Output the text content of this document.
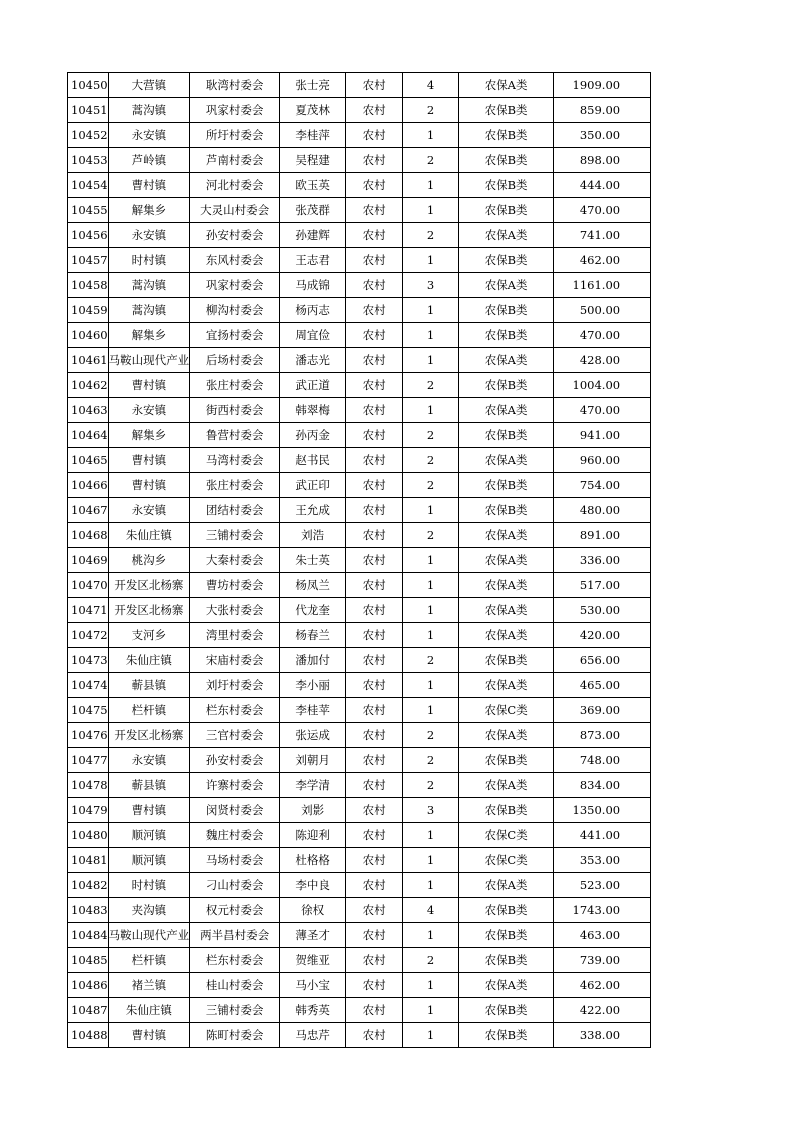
10450	大营镇	耿湾村委会	张士亮	农村	4	农保A类	1909.00
10451	蒿沟镇	巩家村委会	夏茂林	农村	2	农保B类	859.00
10452	永安镇	所圩村委会	李桂萍	农村	1	农保B类	350.00
10453	芦岭镇	芦南村委会	吴程建	农村	2	农保B类	898.00
10454	曹村镇	河北村委会	欧玉英	农村	1	农保B类	444.00
10455	解集乡	大灵山村委会	张茂群	农村	1	农保B类	470.00
10456	永安镇	孙安村委会	孙建辉	农村	2	农保A类	741.00
10457	时村镇	东风村委会	王志君	农村	1	农保B类	462.00
10458	蒿沟镇	巩家村委会	马成锦	农村	3	农保A类	1161.00
10459	蒿沟镇	柳沟村委会	杨丙志	农村	1	农保B类	500.00
10460	解集乡	宜扬村委会	周宜俭	农村	1	农保B类	470.00
10461	马鞍山现代产业	后场村委会	潘志光	农村	1	农保A类	428.00
10462	曹村镇	张庄村委会	武正道	农村	2	农保B类	1004.00
10463	永安镇	街西村委会	韩翠梅	农村	1	农保A类	470.00
10464	解集乡	鲁营村委会	孙丙金	农村	2	农保B类	941.00
10465	曹村镇	马湾村委会	赵书民	农村	2	农保A类	960.00
10466	曹村镇	张庄村委会	武正印	农村	2	农保B类	754.00
10467	永安镇	团结村委会	王允成	农村	1	农保B类	480.00
10468	朱仙庄镇	三铺村委会	刘浩	农村	2	农保A类	891.00
10469	桃沟乡	大秦村委会	朱士英	农村	1	农保A类	336.00
10470	开发区北杨寨	曹坊村委会	杨凤兰	农村	1	农保A类	517.00
10471	开发区北杨寨	大张村委会	代龙奎	农村	1	农保A类	530.00
10472	支河乡	湾里村委会	杨春兰	农村	1	农保A类	420.00
10473	朱仙庄镇	宋庙村委会	潘加付	农村	2	农保B类	656.00
10474	蕲县镇	刘圩村委会	李小丽	农村	1	农保A类	465.00
10475	栏杆镇	栏东村委会	李桂苹	农村	1	农保C类	369.00
10476	开发区北杨寨	三官村委会	张运成	农村	2	农保A类	873.00
10477	永安镇	孙安村委会	刘朝月	农村	2	农保B类	748.00
10478	蕲县镇	许寨村委会	李学清	农村	2	农保A类	834.00
10479	曹村镇	闵贤村委会	刘影	农村	3	农保B类	1350.00
10480	顺河镇	魏庄村委会	陈迎利	农村	1	农保C类	441.00
10481	顺河镇	马场村委会	杜格格	农村	1	农保C类	353.00
10482	时村镇	刁山村委会	李中良	农村	1	农保A类	523.00
10483	夹沟镇	权元村委会	徐权	农村	4	农保B类	1743.00
10484	马鞍山现代产业	两半昌村委会	薄圣才	农村	1	农保B类	463.00
10485	栏杆镇	栏东村委会	贺维亚	农村	2	农保B类	739.00
10486	褚兰镇	桂山村委会	马小宝	农村	1	农保A类	462.00
10487	朱仙庄镇	三铺村委会	韩秀英	农村	1	农保B类	422.00
10488	曹村镇	陈町村委会	马忠芹	农村	1	农保B类	338.00
